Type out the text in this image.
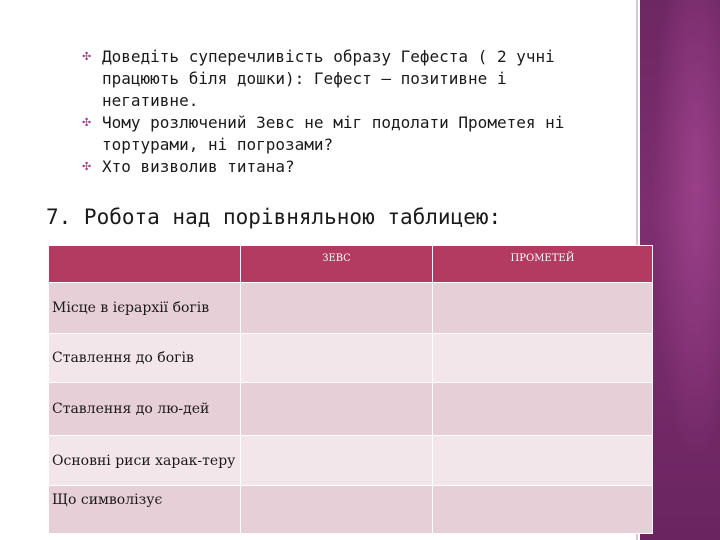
✣ Доведіть суперечливість образу Гефеста ( 2 учні працюють біля дошки): Гефест – позитивне і негативне.
✣ Чому розлючений Зевс не міг подолати Прометея ні тортурами, ні погрозами?
✣ Хто визволив титана?
7. Робота над порівняльною таблицею:
	ЗЕВС	ПРОМЕТЕЙ
Місце в ієрархії богів		
Ставлення до богів		
Ставлення до лю-дей		
Основні риси харак-теру		
Що символізує		
